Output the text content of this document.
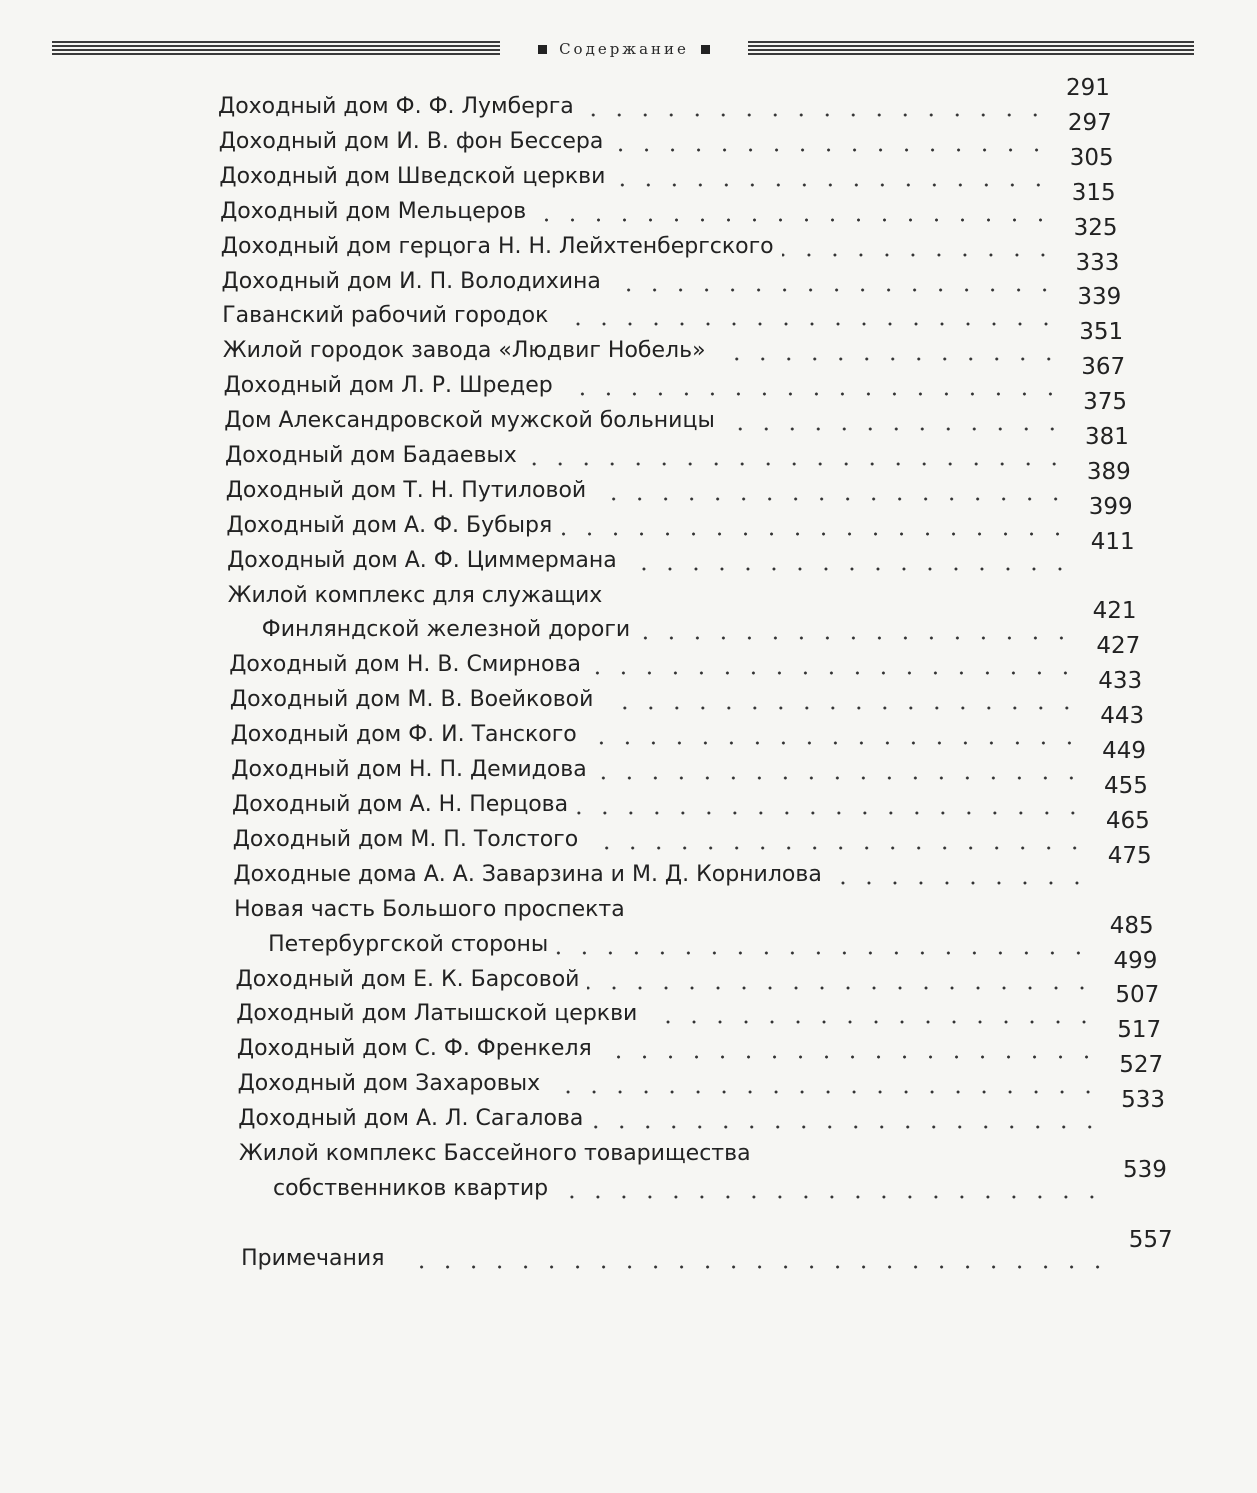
Содержание
Доходный дом Ф. Ф. Лумберга
291
Доходный дом И. В. фон Бессера
297
Доходный дом Шведской церкви
305
Доходный дом Мельцеров
315
Доходный дом герцога Н. Н. Лейхтенбергского
325
Доходный дом И. П. Володихина
333
Гаванский рабочий городок
339
Жилой городок завода «Людвиг Нобель»
351
Доходный дом Л. Р. Шредер
367
Дом Александровской мужской больницы
375
Доходный дом Бадаевых
381
Доходный дом Т. Н. Путиловой
389
Доходный дом А. Ф. Бубыря
399
Доходный дом А. Ф. Циммермана
411
Жилой комплекс для служащих
Финляндской железной дороги
421
Доходный дом Н. В. Смирнова
427
Доходный дом М. В. Воейковой
433
Доходный дом Ф. И. Танского
443
Доходный дом Н. П. Демидова
449
Доходный дом А. Н. Перцова
455
Доходный дом М. П. Толстого
465
Доходные дома А. А. Заварзина и М. Д. Корнилова
475
Новая часть Большого проспекта
Петербургской стороны
485
Доходный дом Е. К. Барсовой
499
Доходный дом Латышской церкви
507
Доходный дом С. Ф. Френкеля
517
Доходный дом Захаровых
527
Доходный дом А. Л. Сагалова
533
Жилой комплекс Бассейного товарищества
собственников квартир
539
Примечания
557
